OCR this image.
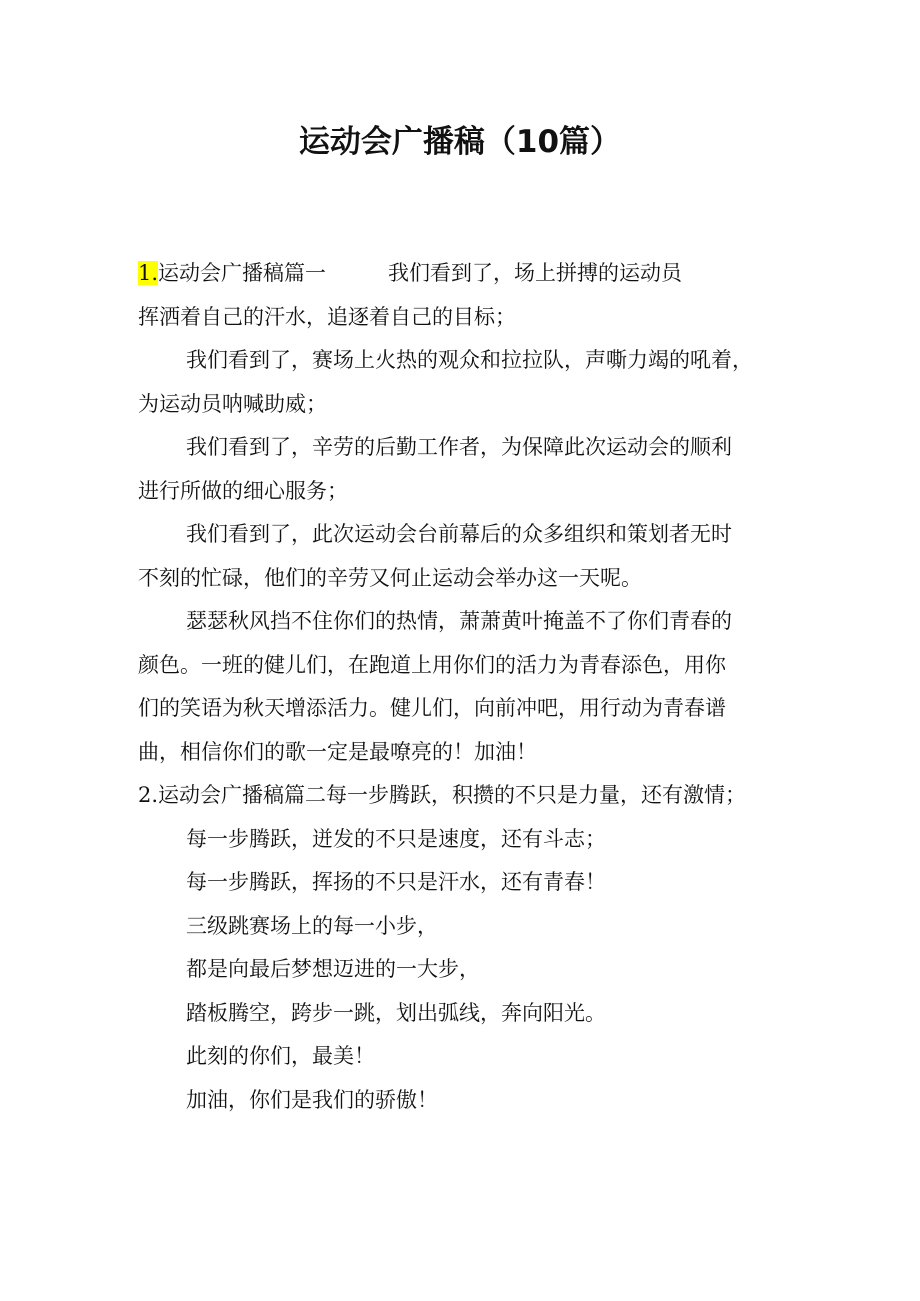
运动会广播稿（10篇）
1.运动会广播稿篇一	我们看到了，场上拼搏的运动员
挥洒着自己的汗水，追逐着自己的目标；
我们看到了，赛场上火热的观众和拉拉队，声嘶力竭的吼着，
为运动员呐喊助威；
我们看到了，辛劳的后勤工作者，为保障此次运动会的顺利
进行所做的细心服务；
我们看到了，此次运动会台前幕后的众多组织和策划者无时
不刻的忙碌，他们的辛劳又何止运动会举办这一天呢。
瑟瑟秋风挡不住你们的热情，萧萧黄叶掩盖不了你们青春的
颜色。一班的健儿们，在跑道上用你们的活力为青春添色，用你
们的笑语为秋天增添活力。健儿们，向前冲吧，用行动为青春谱
曲，相信你们的歌一定是最嘹亮的！加油！
2.运动会广播稿篇二每一步腾跃，积攒的不只是力量，还有激情；
每一步腾跃，迸发的不只是速度，还有斗志；
每一步腾跃，挥扬的不只是汗水，还有青春！
三级跳赛场上的每一小步，
都是向最后梦想迈进的一大步，
踏板腾空，跨步一跳，划出弧线，奔向阳光。
此刻的你们，最美！
加油，你们是我们的骄傲！
